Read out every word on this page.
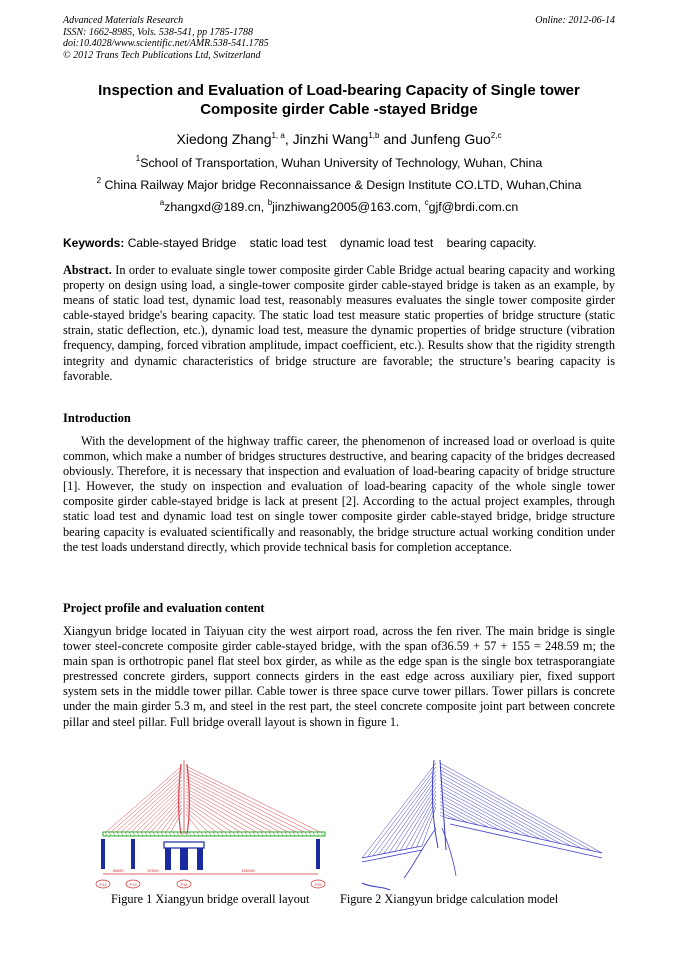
Advanced Materials Research
ISSN: 1662-8985, Vols. 538-541, pp 1785-1788
doi:10.4028/www.scientific.net/AMR.538-541.1785
© 2012 Trans Tech Publications Ltd, Switzerland
Online: 2012-06-14
Inspection and Evaluation of Load-bearing Capacity of Single tower
Composite girder Cable -stayed Bridge
Xiedong Zhang$^{1, a}$, Jinzhi Wang$^{1,b}$ and Junfeng Guo$^{2,c}$
$^1$School of Transportation, Wuhan University of Technology, Wuhan, China
$^2$ China Railway Major bridge Reconnaissance & Design Institute CO.LTD, Wuhan,China
$^a$zhangxd@189.cn, $^b$jinzhiwang2005@163.com, $^c$gjf@brdi.com.cn
Keywords: Cable-stayed Bridge static load test dynamic load test bearing capacity.
Abstract. In order to evaluate single tower composite girder Cable Bridge actual bearing capacity and working property on design using load, a single-tower composite girder cable-stayed bridge is taken as an example, by means of static load test, dynamic load test, reasonably measures evaluates the single tower composite girder cable-stayed bridge's bearing capacity. The static load test measure static properties of bridge structure (static strain, static deflection, etc.), dynamic load test, measure the dynamic properties of bridge structure (vibration frequency, damping, forced vibration amplitude, impact coefficient, etc.). Results show that the rigidity strength integrity and dynamic characteristics of bridge structure are favorable; the structure’s bearing capacity is favorable.
Introduction
With the development of the highway traffic career, the phenomenon of increased load or overload is quite common, which make a number of bridges structures destructive, and bearing capacity of the bridges decreased obviously. Therefore, it is necessary that inspection and evaluation of load-bearing capacity of bridge structure [1]. However, the study on inspection and evaluation of load-bearing capacity of the whole single tower composite girder cable-stayed bridge is lack at present [2]. According to the actual project examples, through static load test and dynamic load test on single tower composite girder cable-stayed bridge, bridge structure bearing capacity is evaluated scientifically and reasonably, the bridge structure actual working condition under the test loads understand directly, which provide technical basis for completion acceptance.
Project profile and evaluation content
Xiangyun bridge located in Taiyuan city the west airport road, across the fen river. The main bridge is single tower steel-concrete composite girder cable-stayed bridge, with the span of36.59 + 57 + 155 = 248.59 m; the main span is orthotropic panel flat steel box girder, as while as the edge span is the single box tetrasporangiate prestressed concrete girders, support connects girders in the east edge across auxiliary pier, fixed support system sets in the middle tower pillar. Cable tower is three space curve tower pillars. Tower pillars is concrete under the main girder 5.3 m, and steel in the rest part, the steel concrete composite joint part between concrete pillar and steel pillar. Full bridge overall layout is shown in figure 1.
36590	57000	155000
P12	P13	P14	P15
Figure 1 Xiangyun bridge overall layout Figure 2 Xiangyun bridge calculation model
